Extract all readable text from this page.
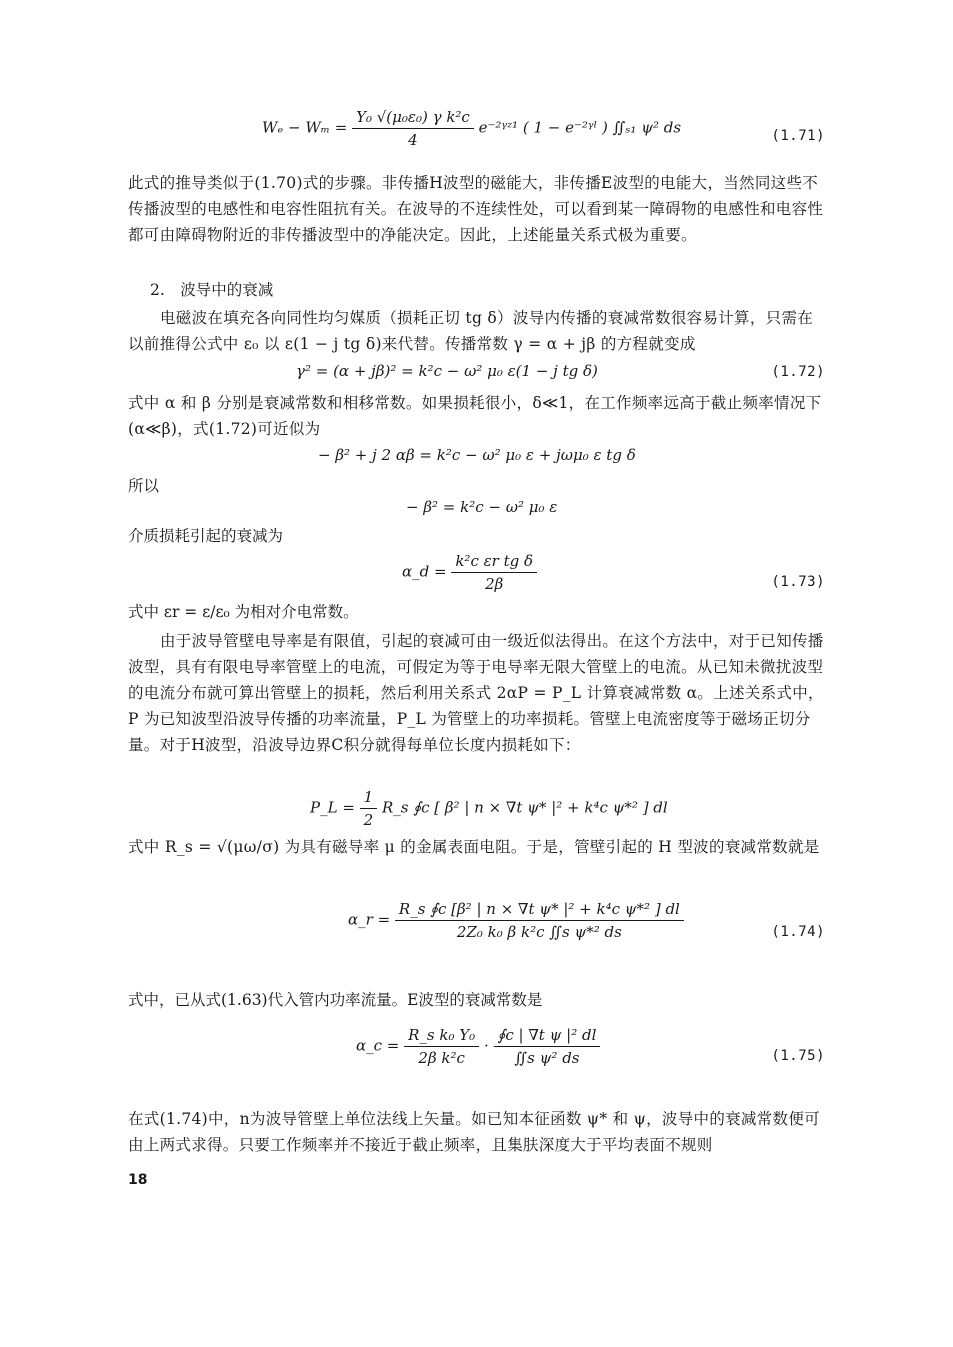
$W_e - W_m = \frac{\text{Y₀ √(μ₀ε₀) γ k²c}}{4}$ e⁻²ᵞᶻ¹ ( 1 − e⁻²ᵞˡ ) ∬ₛ₁ ψ² ds	(1.71)
此式的推导类似于(1.70)式的步骤。非传播H波型的磁能大，非传播E波型的电能大，当然同这些不传播波型的电感性和电容性阻抗有关。在波导的不连续性处，可以看到某一障碍物的电感性和电容性都可由障碍物附近的非传播波型中的净能决定。因此，上述能量关系式极为重要。
2.　波导中的衰减
电磁波在填充各向同性均匀媒质（损耗正切 tg δ）波导内传播的衰减常数很容易计算，只需在以前推得公式中 ε₀ 以 ε(1 − j tg δ)来代替。传播常数 γ = α + jβ 的方程就变成
γ² = (α + jβ)² = k²c − ω² μ₀ ε(1 − j tg δ)	(1.72)
式中 α 和 β 分别是衰减常数和相移常数。如果损耗很小，δ≪1，在工作频率远高于截止频率情况下(α≪β)，式(1.72)可近似为
− β² + j 2 αβ = k²c − ω² μ₀ ε + jωμ₀ ε tg δ
所以
− β² = k²c − ω² μ₀ ε
介质损耗引起的衰减为
α_d = $\frac{\text{k²c εr tg δ}}{2\beta}$	(1.73)
式中 εr = ε/ε₀ 为相对介电常数。
由于波导管壁电导率是有限值，引起的衰减可由一级近似法得出。在这个方法中，对于已知传播波型，具有有限电导率管壁上的电流，可假定为等于电导率无限大管壁上的电流。从已知未微扰波型的电流分布就可算出管壁上的损耗，然后利用关系式 2αP = P_L 计算衰减常数 α。上述关系式中，P 为已知波型沿波导传播的功率流量，P_L 为管壁上的功率损耗。管壁上电流密度等于磁场正切分量。对于H波型，沿波导边界C积分就得每单位长度内损耗如下：
P_L = $\frac{1}{2}$ R_s ∮c [ β² | n × ∇t ψ* |² + k⁴c ψ*² ] dl
式中 R_s = √(μω/σ) 为具有磁导率 μ 的金属表面电阻。于是，管壁引起的 H 型波的衰减常数就是
α_r = $\frac{\text{R\_s ∮c [β² | n × ∇t ψ* |² + k⁴c ψ*² ] dl}}{\text{2Z₀ k₀ β k²c ∬s ψ*² ds}}$	(1.74)
式中，已从式(1.63)代入管内功率流量。E波型的衰减常数是
α_c = $\frac{\text{R\_s k₀ Y₀}}{\text{2β k²c}} \cdot \frac{\text{∮c | ∇t ψ |² dl}}{\text{∬s ψ² ds}}$	(1.75)
在式(1.74)中，n为波导管壁上单位法线上矢量。如已知本征函数 ψ* 和 ψ，波导中的衰减常数便可由上两式求得。只要工作频率并不接近于截止频率，且集肤深度大于平均表面不规则
18
